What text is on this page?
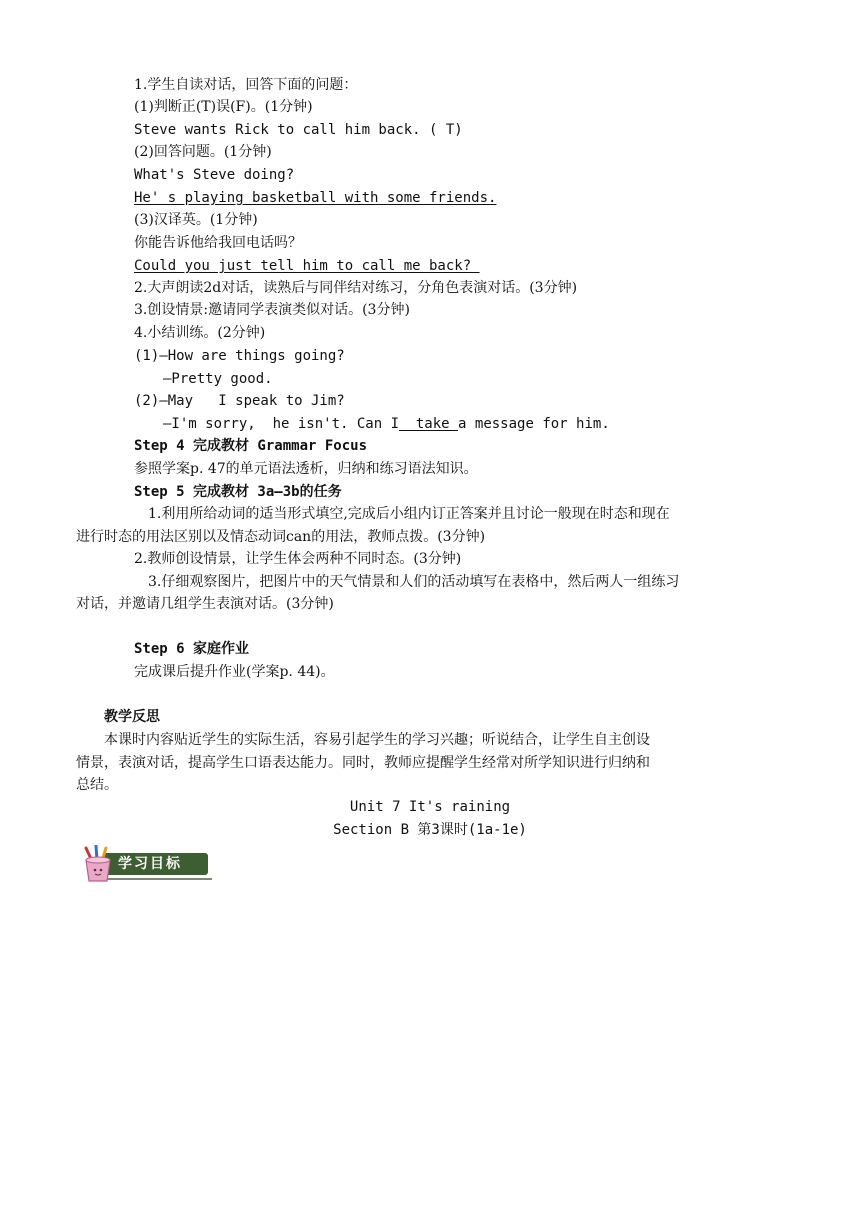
1.学生自读对话，回答下面的问题：
(1)判断正(T)误(F)。(1分钟)
Steve wants Rick to call him back. ( T)
(2)回答问题。(1分钟)
What's Steve doing?
He' s playing basketball with some friends.
(3)汉译英。(1分钟)
你能告诉他给我回电话吗？
Could you just tell him to call me back?
2.大声朗读2d对话，读熟后与同伴结对练习，分角色表演对话。(3分钟)
3.创设情景:邀请同学表演类似对话。(3分钟)
4.小结训练。(2分钟)
(1)—How are things going?
—Pretty good.
(2)—May   I speak to Jim?
—I'm sorry,  he isn't. Can I  take a message for him.
Step 4 完成教材 Grammar Focus
参照学案p. 47的单元语法透析，归纳和练习语法知识。
Step 5 完成教材 3a—3b的任务
1.利用所给动词的适当形式填空,完成后小组内订正答案并且讨论一般现在时态和现在
进行时态的用法区别以及情态动词can的用法，教师点拨。(3分钟)
2.教师创设情景，让学生体会两种不同时态。(3分钟)
3.仔细观察图片，把图片中的天气情景和人们的活动填写在表格中，然后两人一组练习
对话，并邀请几组学生表演对话。(3分钟)
Step 6 家庭作业
完成课后提升作业(学案p. 44)。
教学反思
本课时内容贴近学生的实际生活，容易引起学生的学习兴趣；听说结合，让学生自主创设
情景，表演对话，提高学生口语表达能力。同时，教师应提醒学生经常对所学知识进行归纳和
总结。
Unit 7 It's raining
Section B 第3课时(1a-1e)
学习目标
